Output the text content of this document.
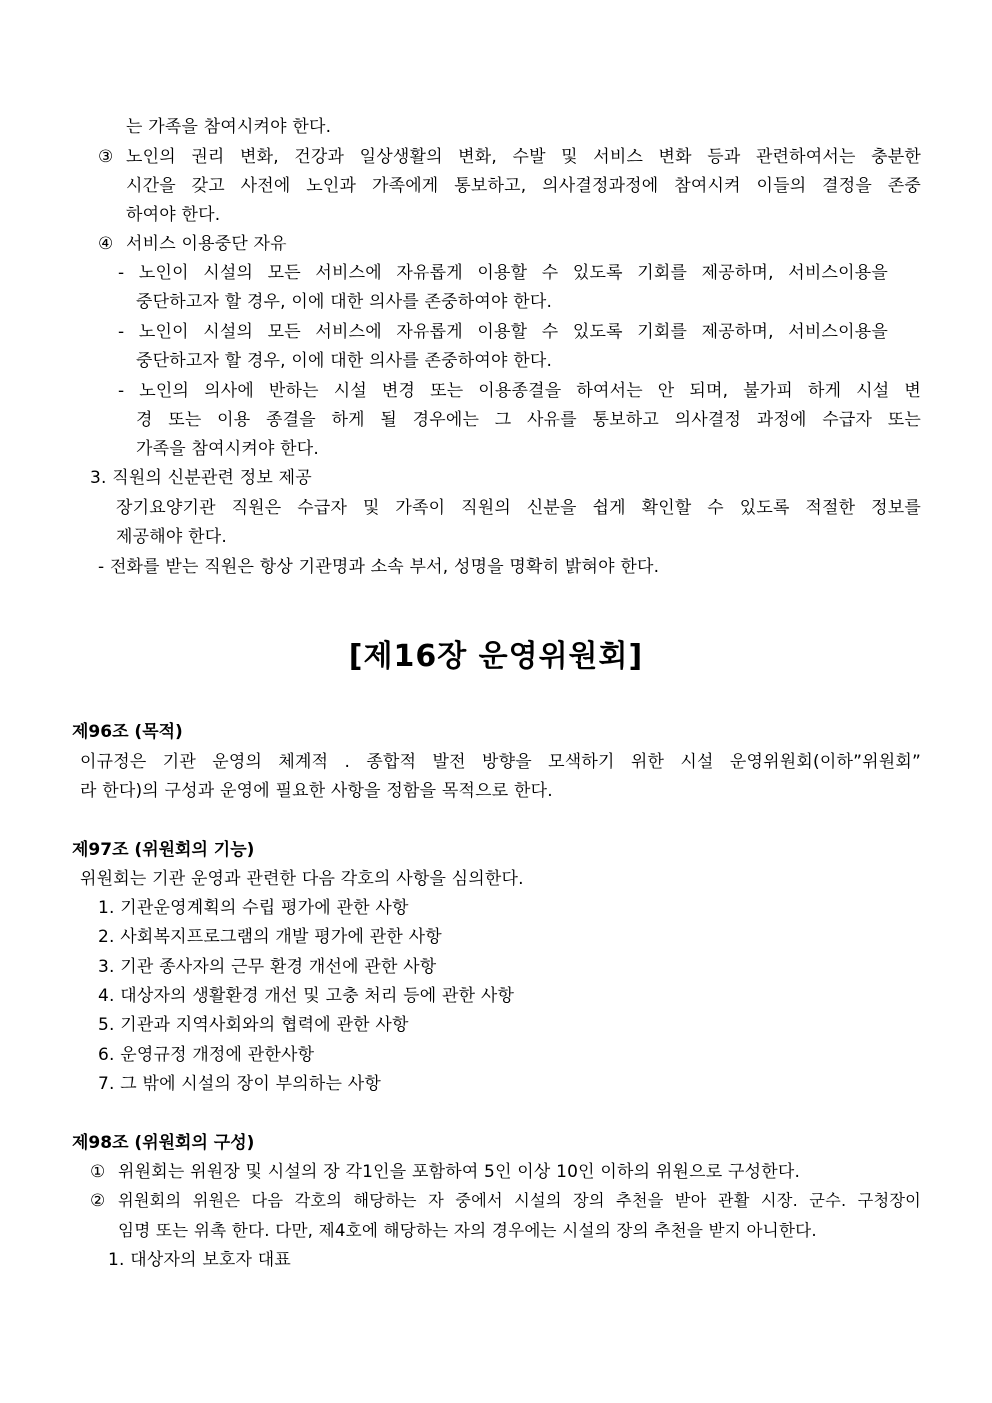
는 가족을 참여시켜야 한다.
③ 노인의 권리 변화, 건강과 일상생활의 변화, 수발 및 서비스 변화 등과 관련하여서는 충분한
시간을 갖고 사전에 노인과 가족에게 통보하고, 의사결정과정에 참여시켜 이들의 결정을 존중
하여야 한다.
④ 서비스 이용중단 자유
- 노인이 시설의 모든 서비스에 자유롭게 이용할 수 있도록 기회를 제공하며, 서비스이용을
중단하고자 할 경우, 이에 대한 의사를 존중하여야 한다.
- 노인이 시설의 모든 서비스에 자유롭게 이용할 수 있도록 기회를 제공하며, 서비스이용을
중단하고자 할 경우, 이에 대한 의사를 존중하여야 한다.
- 노인의 의사에 반하는 시설 변경 또는 이용종결을 하여서는 안 되며, 불가피 하게 시설 변
경 또는 이용 종결을 하게 될 경우에는 그 사유를 통보하고 의사결정 과정에 수급자 또는
가족을 참여시켜야 한다.
3. 직원의 신분관련 정보 제공
장기요양기관 직원은 수급자 및 가족이 직원의 신분을 쉽게 확인할 수 있도록 적절한 정보를
제공해야 한다.
- 전화를 받는 직원은 항상 기관명과 소속 부서, 성명을 명확히 밝혀야 한다.
[제16장 운영위원회]
제96조 (목적)
이규정은 기관 운영의 체계적 . 종합적 발전 방향을 모색하기 위한 시설 운영위원회(이하”위원회”
라 한다)의 구성과 운영에 필요한 사항을 정함을 목적으로 한다.
제97조 (위원회의 기능)
위원회는 기관 운영과 관련한 다음 각호의 사항을 심의한다.
1. 기관운영계획의 수립 평가에 관한 사항
2. 사회복지프로그램의 개발 평가에 관한 사항
3. 기관 종사자의 근무 환경 개선에 관한 사항
4. 대상자의 생활환경 개선 및 고충 처리 등에 관한 사항
5. 기관과 지역사회와의 협력에 관한 사항
6. 운영규정 개정에 관한사항
7. 그 밖에 시설의 장이 부의하는 사항
제98조 (위원회의 구성)
① 위원회는 위원장 및 시설의 장 각1인을 포함하여 5인 이상 10인 이하의 위원으로 구성한다.
② 위원회의 위원은 다음 각호의 해당하는 자 중에서 시설의 장의 추천을 받아 관활 시장. 군수. 구청장이
임명 또는 위촉 한다. 다만, 제4호에 해당하는 자의 경우에는 시설의 장의 추천을 받지 아니한다.
1. 대상자의 보호자 대표
